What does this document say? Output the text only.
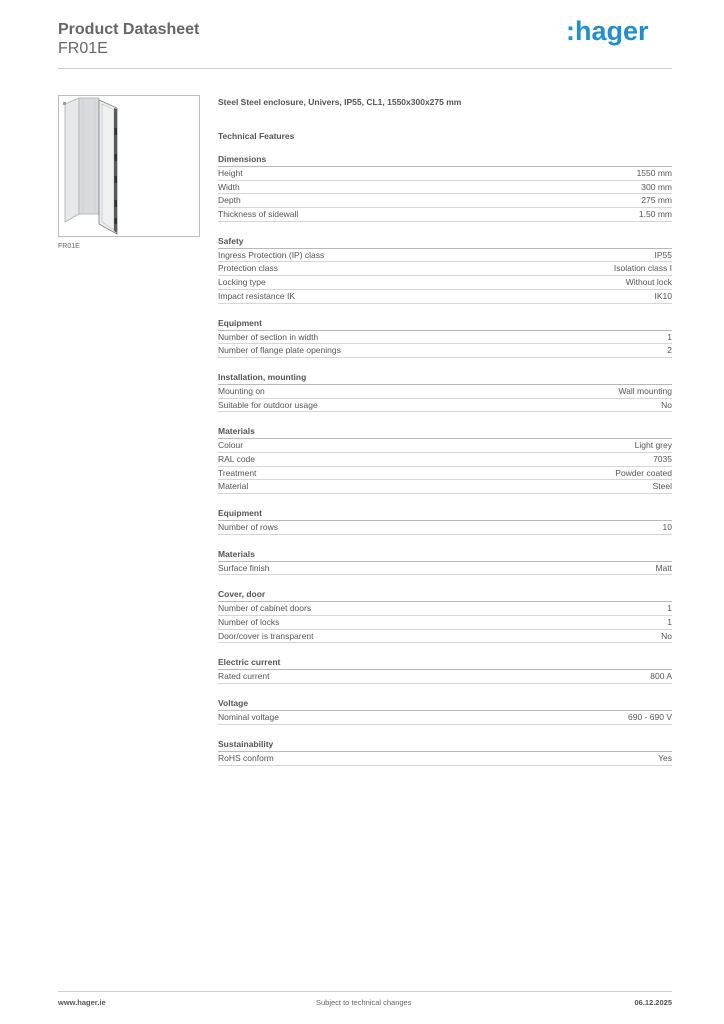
Product Datasheet
FR01E
:hager
FR01E
Steel Steel enclosure, Univers, IP55, CL1, 1550x300x275 mm
Technical Features
Dimensions
Height	1550 mm
Width	300 mm
Depth	275 mm
Thickness of sidewall	1.50 mm
Safety
Ingress Protection (IP) class	IP55
Protection class	Isolation class I
Locking type	Without lock
Impact resistance IK	IK10
Equipment
Number of section in width	1
Number of flange plate openings	2
Installation, mounting
Mounting on	Wall mounting
Suitable for outdoor usage	No
Materials
Colour	Light grey
RAL code	7035
Treatment	Powder coated
Material	Steel
Equipment
Number of rows	10
Materials
Surface finish	Matt
Cover, door
Number of cabinet doors	1
Number of locks	1
Door/cover is transparent	No
Electric current
Rated current	800 A
Voltage
Nominal voltage	690 - 690 V
Sustainability
RoHS conform	Yes
www.hager.ie	Subject to technical changes	06.12.2025
